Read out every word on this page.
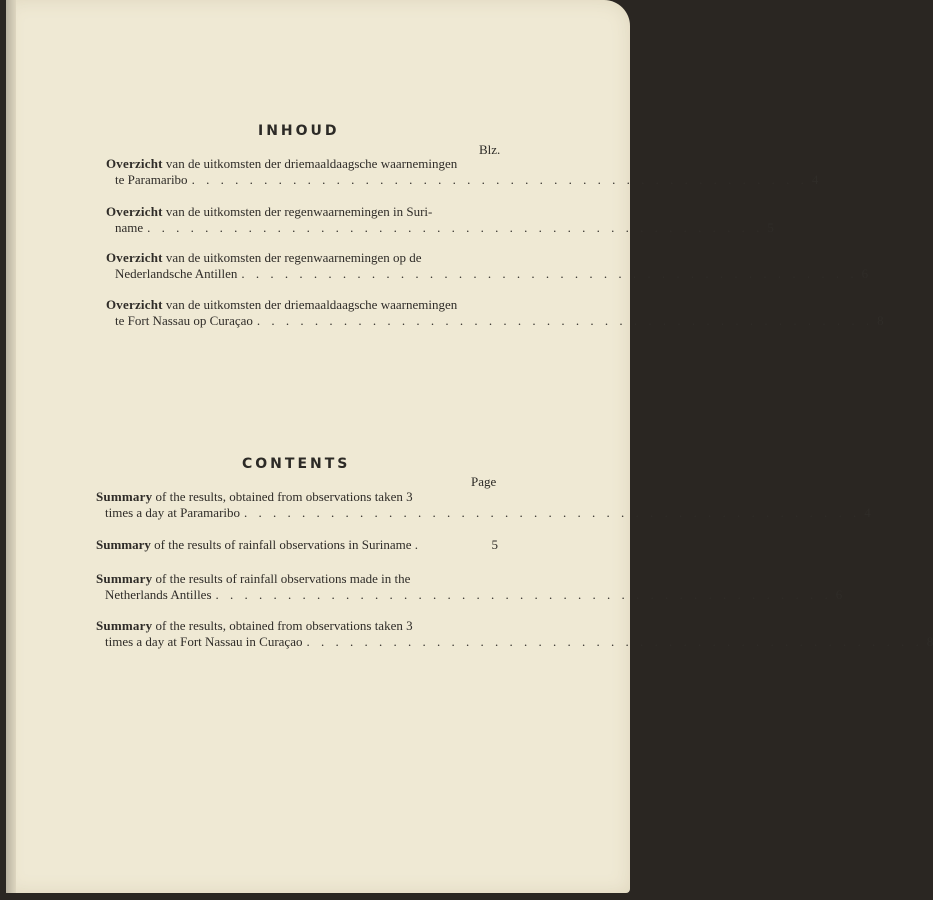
INHOUD
Blz.
Overzicht van de uitkomsten der driemaaldaagsche waarnemingen
te Paramaribo . . . . . . . . . . . . . . . . . . . . . . . . . . . . . . . . . . . . . . . . . . . 4
Overzicht van de uitkomsten der regenwaarnemingen in Suri-
name . . . . . . . . . . . . . . . . . . . . . . . . . . . . . . . . . . . . . . . . . . . 5
Overzicht van de uitkomsten der regenwaarnemingen op de
Nederlandsche Antillen . . . . . . . . . . . . . . . . . . . . . . . . . . . . . . . . . . . . . . . . . . . 6
Overzicht van de uitkomsten der driemaaldaagsche waarnemingen
te Fort Nassau op Curaçao . . . . . . . . . . . . . . . . . . . . . . . . . . . . . . . . . . . . . . . . . . . 8
CONTENTS
Page
Summary of the results, obtained from observations taken 3
times a day at Paramaribo . . . . . . . . . . . . . . . . . . . . . . . . . . . . . . . . . . . . . . . . . . . 4
Summary of the results of rainfall observations in Suriname .	5
Summary of the results of rainfall observations made in the
Netherlands Antilles . . . . . . . . . . . . . . . . . . . . . . . . . . . . . . . . . . . . . . . . . . . 6
Summary of the results, obtained from observations taken 3
times a day at Fort Nassau in Curaçao . . . . . . . . . . . . . . . . . . . . . . . . . . . . . . . . . . . . . . . . . . . 8
